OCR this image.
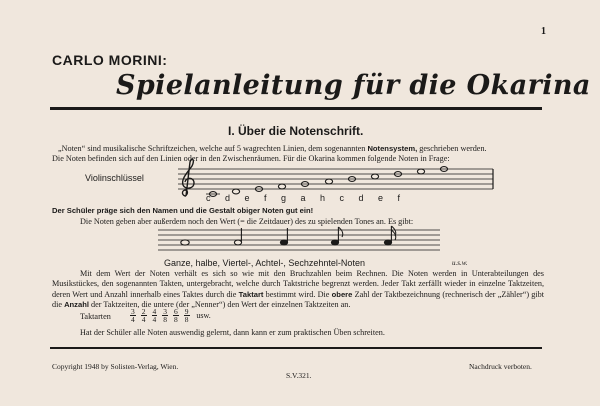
1
CARLO MORINI:
Spielanleitung für die Okarina
I. Über die Notenschrift.
„Noten“ sind musikalische Schriftzeichen, welche auf 5 wagrechten Linien, dem sogenannten Notensystem, geschrieben werden.
Die Noten befinden sich auf den Linien oder in den Zwischenräumen. Für die Okarina kommen folgende Noten in Frage:
Violinschlüssel
c d e f g a h c d e f
Der Schüler präge sich den Namen und die Gestalt obiger Noten gut ein!
Die Noten geben aber außerdem noch den Wert (= die Zeitdauer) des zu spielenden Tones an. Es gibt:
Ganze, halbe, Viertel-, Achtel-, Sechzehntel-Noten	u.s.w.
Mit dem Wert der Noten verhält es sich so wie mit den Bruchzahlen beim Rechnen. Die Noten werden in Unterabteilungen des Musikstückes, den sogenannten Takten, untergebracht, welche durch Taktstriche begrenzt werden. Jeder Takt zerfällt wieder in einzelne Taktzeiten, deren Wert und Anzahl innerhalb eines Taktes durch die Taktart bestimmt wird. Die obere Zahl der Taktbezeichnung (rechnerisch der „Zähler“) gibt die Anzahl der Taktzeiten, die untere (der „Nenner“) den Wert der einzelnen Taktzeiten an.
Taktarten	$\frac{3}{4} \frac{2}{4} \frac{4}{4} \frac{3}{8} \frac{6}{8} \frac{9}{8}$ usw.
Hat der Schüler alle Noten auswendig gelernt, dann kann er zum praktischen Üben schreiten.
Copyright 1948 by Solisten-Verlag, Wien.
S.V.321.
Nachdruck verboten.
